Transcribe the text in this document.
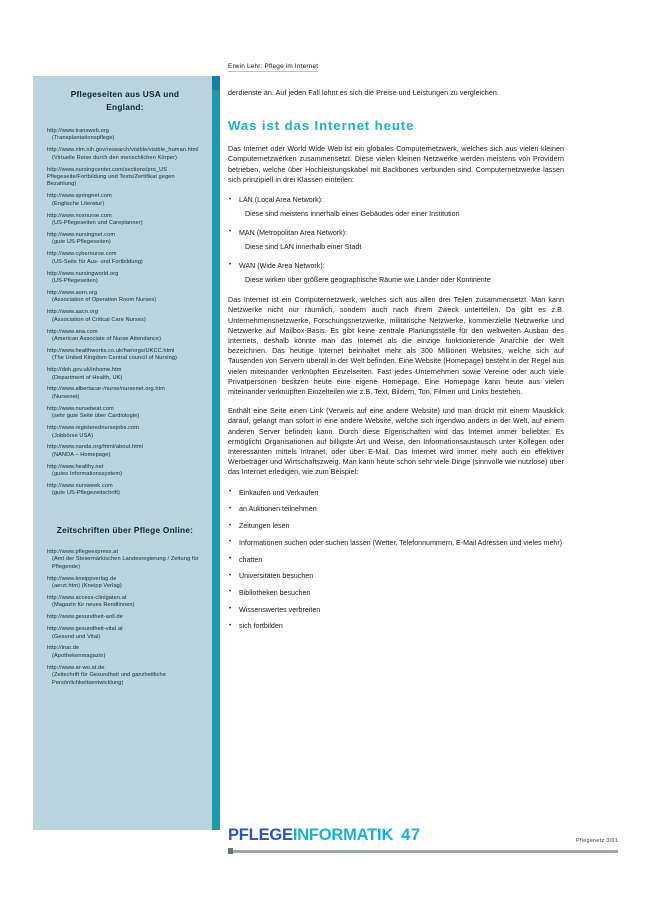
Pflegeseiten aus USA und England:
http://www.transweb.org
(Transplantationspflege)
http://www.nlm.nih.gov/research/visible/visible_human.html
(Virtuelle Reise durch den menschlichen Körper)
http://www.nursingcenter.com/sections/pro_US Pflegeseite/Fortbildung und Tests/Zertifikat gegen Bezahlung)
http://www.springnet.com
(Englische Literatur)
http://www.nosnurse.com
(US-Pflegeseiten und Careplanner)
http://www.nursingnet.com
(gute US-Pflegeseiten)
http://www.cybernurse.com
(US-Seite für Aus- und Fortbildung)
http://www.nursingworld.org
(US-Pflegeseiten)
http://www.aorn.org
(Association of Operation Room Nurses)
http://www.aacn.org
(Association of Critical Care Nurses)
http://www.ana.com
(American Associate of Nurse Attendance)
http://www.healthworks.co.uk/hw/orgs/UKCC.html
(The United Kingdom Central council of Nursing)
http://doh.gov.uk/inhome.htm
(Department of Health, UK)
http://www.albertacar-/nurse/nursenet.org.htm
(Nursenet)
http://www.nursebeat.com
(sehr gute Seite über Cardiologie)
http://www.registerednursejobs.com
(Jobbörse USA)
http://www.nanda.org/html/about.html
(NANDA – Homepage)
http://www.healthy.net
(gutes Informationssystem)
http://www.nursweek.com
(gute US-Pflegezeitschrift)
Zeitschriften über Pflege Online:
http://www.pflegeexpress.at
(Amt der Steiermärkischen Landesregierung / Zeitung für Pflegende)
http://www.kneippverlag.de
(aerzt.htm) (Kneipp Verlag)
http://www.access-clinigaten.at
(Magazin für neues Rendlinnen)
http://www.gesundheit-aoll.de
http://www.gesundheit-vital.at
(Gesund und Vital)
http://inar.de
(Apothekenmagazin)
http://www.ar-wo.at.de
(Zeitschrift für Gesundheit und ganzheitliche Persönlichkeitsentwicklung)
Erwin Lehr: Pflege im Internet

derdienste an. Auf jeden Fall lohnt es sich die Preise und Leistungen zu vergleichen.

Was ist das Internet heute

Das Internet oder World Wide Web ist ein globales Computernetzwerk, welches sich aus vielen kleinen Computernetzwerken zusammensetzt. Diese vielen kleinen Netzwerke werden meistens von Providern betrieben, welche über Hochleistungskabel mit Backbones verbunden sind. Computernetzwerke lassen sich prinzipiell in drei Klassen einteilen:

• LAN (Local Area Network):
Diese sind meistens innerhalb eines Gebäudes oder einer Institution
• MAN (Metropolitan Area Network):
Diese sind LAN innerhalb einer Stadt
• WAN (Wide Area Network):
Diese wirken über größere geographische Räume wie Länder oder Kontinente

Das Internet ist ein Computernetzwerk, welches sich aus allen drei Teilen zusammensetzt. Man kann Netzwerke nicht nur räumlich, sondern auch nach ihrem Zweck unterteilen. Da gibt es z.B. Unternehmensnetzwerke, Forschungsnetzwerke, militärische Netzwerke, kommerzielle Netzwerke und Netzwerke auf Mailbox-Basis. Es gibt keine zentrale Planungsstelle für den weltweiten Ausbau des Internets, deshalb könnte man das Internet als die einzige funktionierende Anarchie der Welt bezeichnen. Das heutige Internet beinhaltet mehr als 300 Millionen Websites, welche sich auf Tausenden von Servern überall in der Welt befinden. Eine Website (Homepage) besteht in der Regel aus vielen miteinander verknüpften Einzelseiten. Fast jedes Unternehmen sowie Vereine oder auch viele Privatpersonen besitzen heute eine eigene Homepage. Eine Homepage kann heute aus vielen miteinander verknüpften Einzelteilen wie z.B. Text, Bildern, Ton, Filmen und Links bestehen.

Enthält eine Seite einen Link (Verweis auf eine andere Website) und man drückt mit einem Mausklick darauf, gelangt man sofort in eine andere Website, welche sich irgendwo anders in der Welt, auf einem anderen Server befinden kann. Durch diese Eigenschaften wird das Internet immer beliebter. Es ermöglicht Organisationen auf billigste Art und Weise, den Informationsaustausch unter Kollegen oder Interessanten mittels Intranet, oder über E-Mail. Das Internet wird immer mehr auch ein effektiver Werbeträger und Wirtschaftszweig. Man kann heute schon sehr viele Dinge (sinnvolle wie nutzlose) über das Internet erledigen, wie zum Beispiel:

• Einkaufen und Verkaufen
• an Auktionen teilnehmen
• Zeitungen lesen
• Informationen suchen oder suchen lassen (Wetter, Telefonnummern, E-Mail Adressen und vieles mehr)
• chatten
• Universitäten besuchen
• Bibliotheken besuchen
• Wissenswertes verbreiten
• sich fortbilden
PFLEGEINFORMATIK 47	Pflegenetz 3/01
